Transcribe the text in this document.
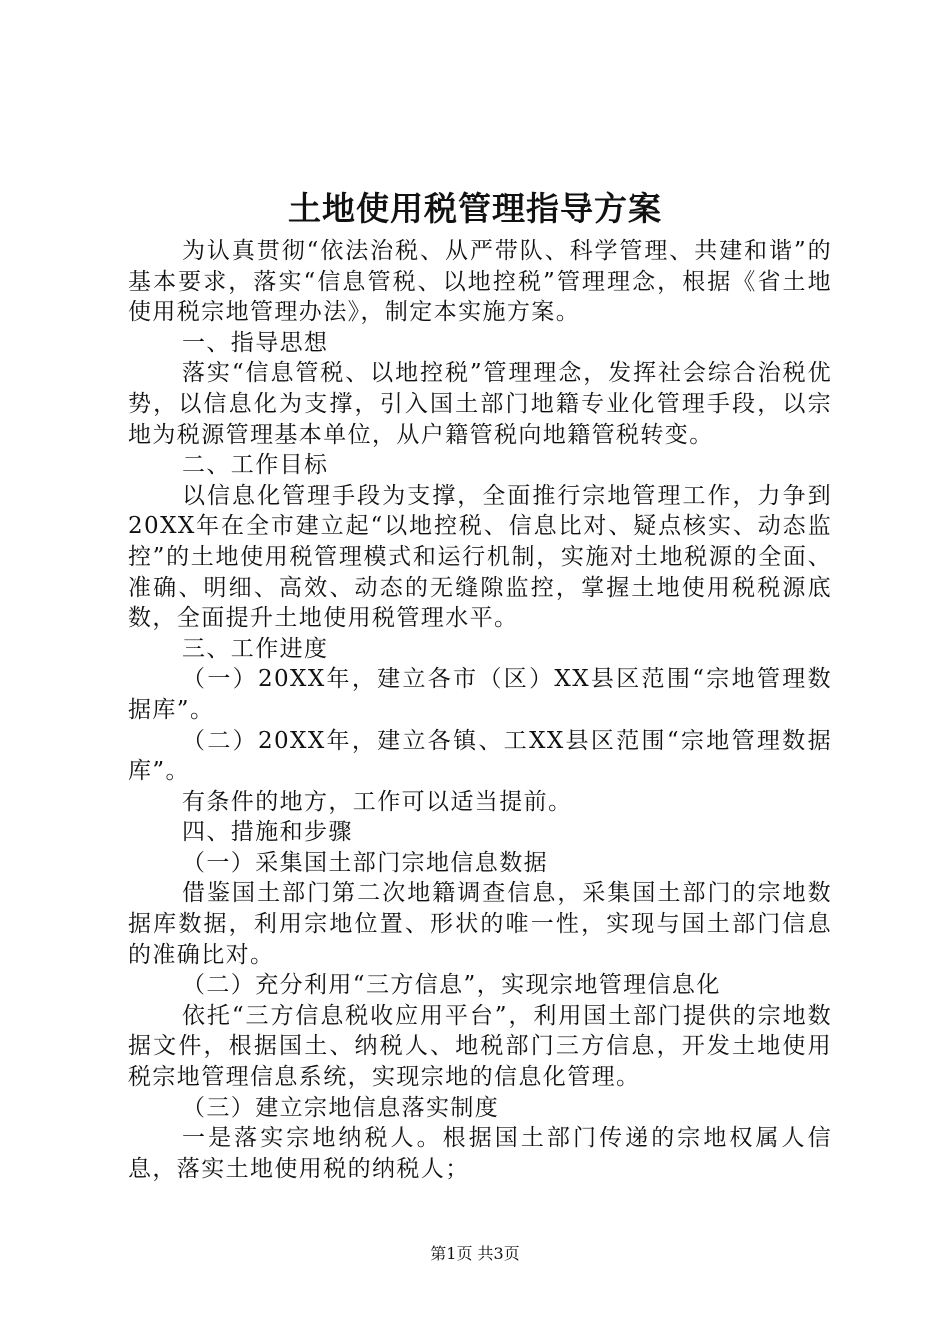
土地使用税管理指导方案

为认真贯彻“依法治税、从严带队、科学管理、共建和谐”的基本要求，落实“信息管税、以地控税”管理理念，根据《省土地使用税宗地管理办法》，制定本实施方案。

一、指导思想

落实“信息管税、以地控税”管理理念，发挥社会综合治税优势，以信息化为支撑，引入国土部门地籍专业化管理手段，以宗地为税源管理基本单位，从户籍管税向地籍管税转变。

二、工作目标

以信息化管理手段为支撑，全面推行宗地管理工作，力争到20XX年在全市建立起“以地控税、信息比对、疑点核实、动态监控”的土地使用税管理模式和运行机制，实施对土地税源的全面、准确、明细、高效、动态的无缝隙监控，掌握土地使用税税源底数，全面提升土地使用税管理水平。

三、工作进度

（一）20XX年，建立各市（区）XX县区范围“宗地管理数据库”。

（二）20XX年，建立各镇、工XX县区范围“宗地管理数据库”。

有条件的地方，工作可以适当提前。

四、措施和步骤

（一）采集国土部门宗地信息数据

借鉴国土部门第二次地籍调查信息，采集国土部门的宗地数据库数据，利用宗地位置、形状的唯一性，实现与国土部门信息的准确比对。

（二）充分利用“三方信息”，实现宗地管理信息化

依托“三方信息税收应用平台”，利用国土部门提供的宗地数据文件，根据国土、纳税人、地税部门三方信息，开发土地使用税宗地管理信息系统，实现宗地的信息化管理。

（三）建立宗地信息落实制度

一是落实宗地纳税人。根据国土部门传递的宗地权属人信息，落实土地使用税的纳税人；

第1页 共3页
